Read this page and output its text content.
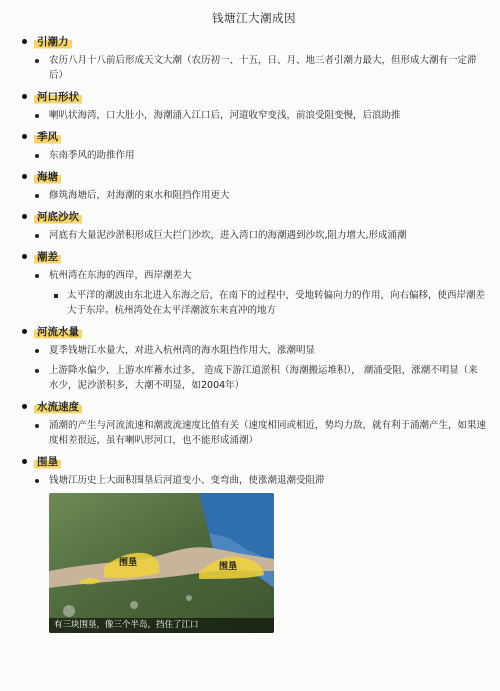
钱塘江大潮成因
引潮力
农历八月十八前后形成天文大潮（农历初一、十五，日、月、地三者引潮力最大，但形成大潮有一定滞后）
河口形状
喇叭状海湾，口大肚小，海潮涌入江口后，河道收窄变浅，前浪受阻变慢，后浪助推
季风
东南季风的助推作用
海塘
修筑海塘后，对海潮的束水和阻挡作用更大
河底沙坎
河底有大量泥沙淤积形成巨大拦门沙坎，进入湾口的海潮遇到沙坎,阻力增大,形成涌潮
潮差
杭州湾在东海的西岸，西岸潮差大
太平洋的潮波由东北进入东海之后，在南下的过程中，受地转偏向力的作用，向右偏移，使西岸潮差大于东岸。杭州湾处在太平洋潮波东来直冲的地方
河流水量
夏季钱塘江水量大，对进入杭州湾的海水阻挡作用大，涨潮明显
上游降水偏少，上游水库蓄水过多， 造成下游江道淤积（海潮搬运堆积）， 潮涌受阻，涨潮不明显（来水少，泥沙淤积多，大潮不明显，如2004年）
水流速度
涌潮的产生与河流流速和潮波流速度比值有关（速度相同或相近，势均力敌，就有利于涌潮产生，如果速度相差很远，虽有喇叭形河口，也不能形成涌潮）
围垦
钱塘江历史上大面积围垦后河道变小、变弯曲，使涨潮退潮受阻滞
围垦	围垦
有三块围垦，像三个半岛，挡住了江口
